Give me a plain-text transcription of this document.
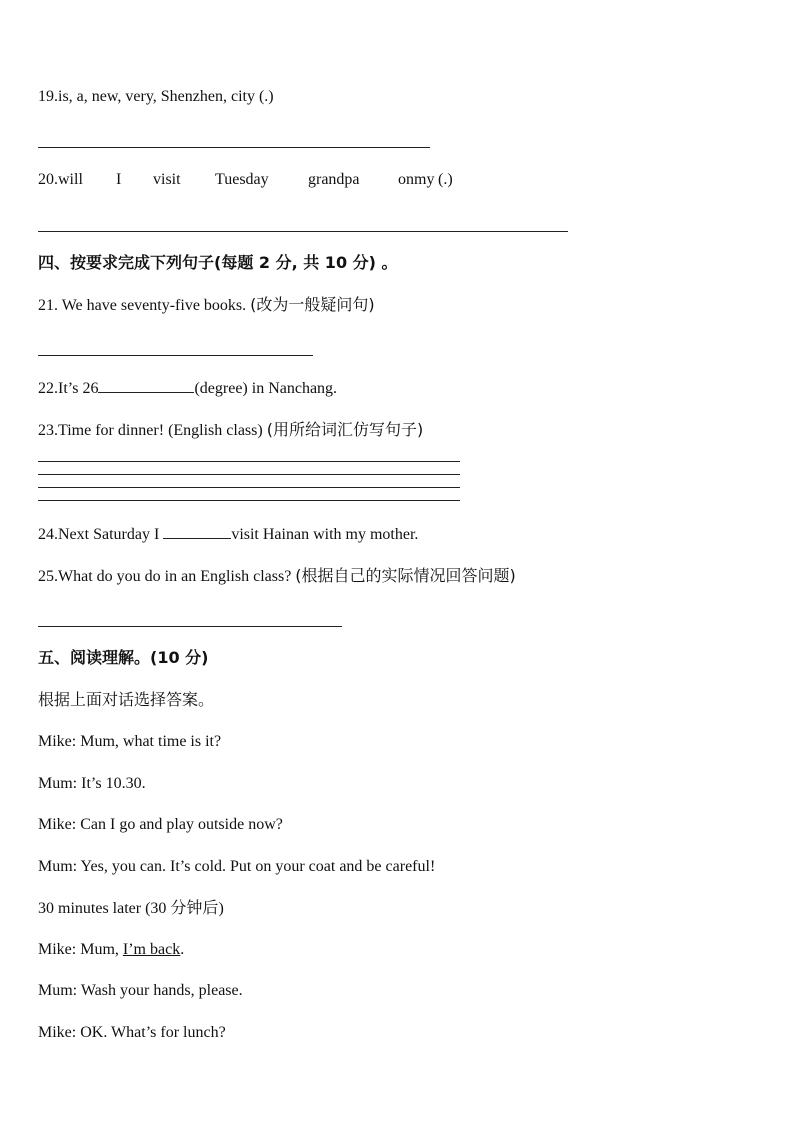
19.is, a, new, very, Shenzhen, city (.)
20.will I visit Tuesday grandpa onmy (.)
四、按要求完成下列句子(每题 2 分, 共 10 分) 。
21. We have seventy-five books. (改为一般疑问句)
22.It’s 26	(degree) in Nanchang.
23.Time for dinner! (English class) (用所给词汇仿写句子)
24.Next Saturday I	visit Hainan with my mother.
25.What do you do in an English class? (根据自己的实际情况回答问题)
五、阅读理解。(10 分)
根据上面对话选择答案。
Mike: Mum, what time is it?
Mum: It’s 10.30.
Mike: Can I go and play outside now?
Mum: Yes, you can. It’s cold. Put on your coat and be careful!
30 minutes later (30 分钟后)
Mike: Mum, I’m back.
Mum: Wash your hands, please.
Mike: OK. What’s for lunch?
